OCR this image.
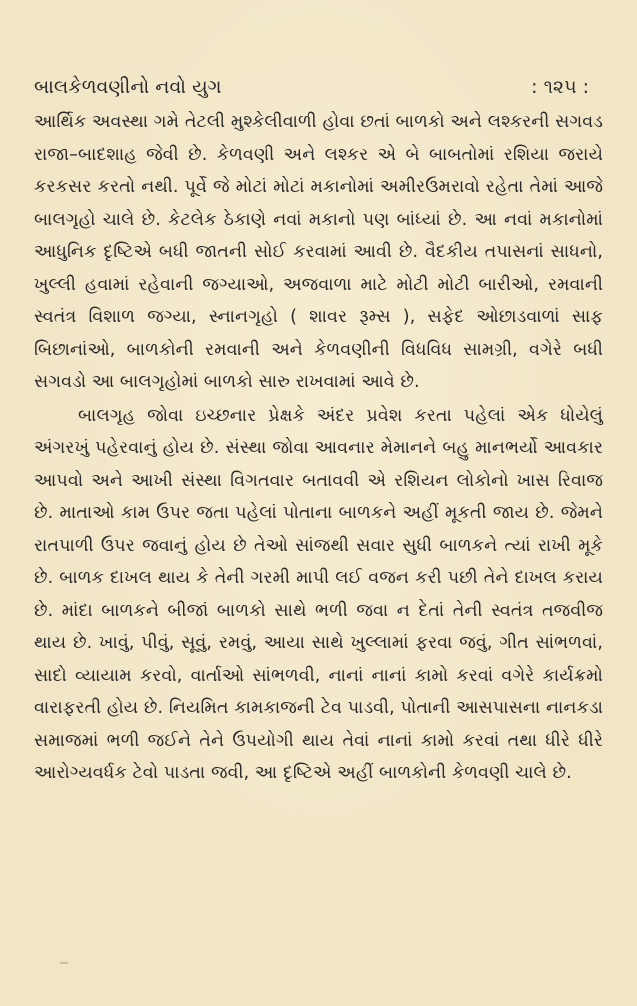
બાલકેળવણીનો નવો યુગ	: ૧૨૫ :

આર્થિક અવસ્થા ગમે તેટલી મુશ્કેલીવાળી હોવા છતાં બાળકો અને લશ્કરની સગવડ રાજા–બાદશાહ જેવી છે. કેળવણી અને લશ્કર એ બે બાબતોમાં રશિયા જરાયે કરકસર કરતો નથી. પૂર્વે જે મોટાં મોટાં મકાનોમાં અમીરઉમરાવો રહેતા તેમાં આજે બાલગૃહો ચાલે છે. કેટલેક ઠેકાણે નવાં મકાનો પણ બાંધ્યાં છે. આ નવાં મકાનોમાં આધુનિક દૃષ્ટિએ બધી જાતની સોઈ કરવામાં આવી છે. વૈદકીય તપાસનાં સાધનો, ખુલ્લી હવામાં રહેવાની જગ્યાઓ, અજવાળા માટે મોટી મોટી બારીઓ, રમવાની સ્વતંત્ર વિશાળ જગ્યા, સ્નાનગૃહો ( શાવર રૂમ્સ ), સફેદ ઓછાડવાળાં સાફ બિછાનાંઓ, બાળકોની રમવાની અને કેળવણીની વિધવિધ સામગ્રી, વગેરે બધી સગવડો આ બાલગૃહોમાં બાળકો સારુ રાખવામાં આવે છે.

બાલગૃહ જોવા ઇચ્છનાર પ્રેક્ષકે અંદર પ્રવેશ કરતા પહેલાં એક ધોયેલું અંગરખું પહેરવાનું હોય છે. સંસ્થા જોવા આવનાર મેમાનને બહુ માનભર્યો આવકાર આપવો અને આખી સંસ્થા વિગતવાર બતાવવી એ રશિયન લોકોનો ખાસ રિવાજ છે. માતાઓ કામ ઉપર જતા પહેલાં પોતાના બાળકને અહીં મૂકતી જાય છે. જેમને રાતપાળી ઉપર જવાનું હોય છે તેઓ સાંજથી સવાર સુધી બાળકને ત્યાં રાખી મૂકે છે. બાળક દાખલ થાય કે તેની ગરમી માપી લઈ વજન કરી પછી તેને દાખલ કરાય છે. માંદા બાળકને બીજાં બાળકો સાથે ભળી જવા ન દેતાં તેની સ્વતંત્ર તજવીજ થાય છે. ખાવું, પીવું, સૂવું, રમવું, આયા સાથે ખુલ્લામાં ફરવા જવું, ગીત સાંભળવાં, સાદો વ્યાયામ કરવો, વાર્તાઓ સાંભળવી, નાનાં નાનાં કામો કરવાં વગેરે કાર્યક્રમો વારાફરતી હોય છે. નિયમિત કામકાજની ટેવ પાડવી, પોતાની આસપાસના નાનકડા સમાજમાં ભળી જઈને તેને ઉપયોગી થાય તેવાં નાનાં કામો કરવાં તથા ધીરે ધીરે આરોગ્યવર્ધક ટેવો પાડતા જવી, આ દૃષ્ટિએ અહીં બાળકોની કેળવણી ચાલે છે.
